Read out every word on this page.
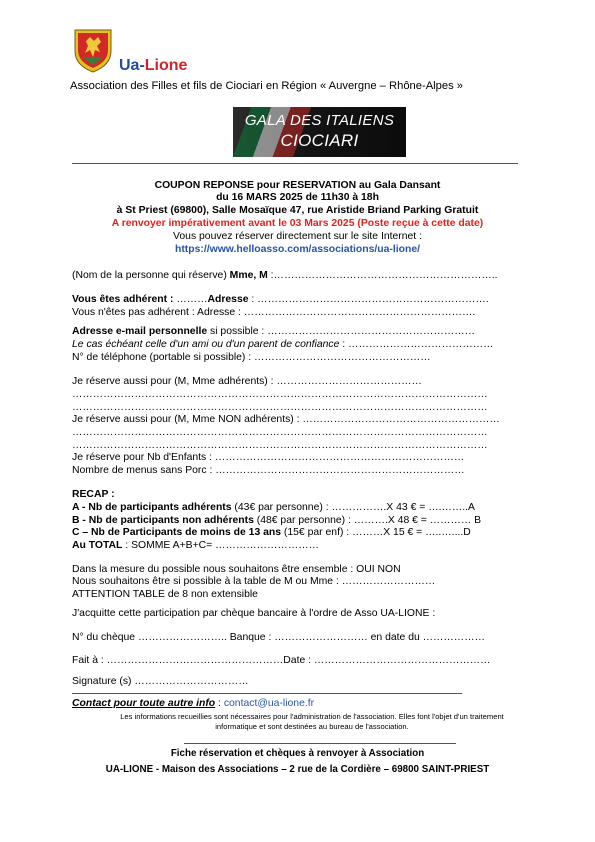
Ua-Lione
Association des Filles et fils de Ciociari en Région « Auvergne – Rhône-Alpes »
GALA DES ITALIENS
CIOCIARI
COUPON REPONSE pour RESERVATION au Gala Dansant
du 16 MARS 2025 de 11h30 à 18h
à St Priest (69800), Salle Mosaïque 47, rue Aristide Briand Parking Gratuit
A renvoyer impérativement avant le 03 Mars 2025 (Poste reçue à cette date)
Vous pouvez réserver directement sur le site Internet :
https://www.helloasso.com/associations/ua-lione/
(Nom de la personne qui réserve) Mme, M :………………………………………………………..
Vous êtes adhérent : ………Adresse : ………………………………………………………….
Vous n'êtes pas adhérent : Adresse : ………………………………………………………….
Adresse e-mail personnelle si possible : ……………………………………………………
Le cas échéant celle d'un ami ou d'un parent de confiance : ……………………………………
N° de téléphone (portable si possible) : ……………………………………………
Je réserve aussi pour (M, Mme adhérents) : ……………………………………
…………………………………………………………………………………………………………
…………………………………………………………………………………………………………
Je réserve aussi pour (M, Mme NON adhérents) : …………………………………………………
…………………………………………………………………………………………………………
…………………………………………………………………………………………………………
Je réserve pour Nb d'Enfants : ………………………………………………………………
Nombre de menus sans Porc : ………………………………………………………………
RECAP :
A - Nb de participants adhérents (43€ par personne) : …………….X 43 € = ….……..A
B - Nb de participants non adhérents (48€ par personne) : ……….X 48 € = ………… B
C – Nb de Participants de moins de 13 ans (15€ par enf) : ………X 15 € = …..…....D
Au TOTAL : SOMME A+B+C= …………………………
Dans la mesure du possible nous souhaitons être ensemble : OUI NON
Nous souhaitons être si possible à la table de M ou Mme : ………………………
ATTENTION TABLE de 8 non extensible
J'acquitte cette participation par chèque bancaire à l'ordre de Asso UA-LIONE :
N° du chèque …………………….. Banque : ……………………… en date du ………………
Fait à : ……………………………………………Date : ……………………………………………
Signature (s) ……………………………
Contact pour toute autre info : contact@ua-lione.fr
Les informations recueillies sont nécessaires pour l'administration de l'association. Elles font l'objet d'un traitement
informatique et sont destinées au bureau de l'association.
Fiche réservation et chèques à renvoyer à Association
UA-LIONE - Maison des Associations – 2 rue de la Cordière – 69800 SAINT-PRIEST
